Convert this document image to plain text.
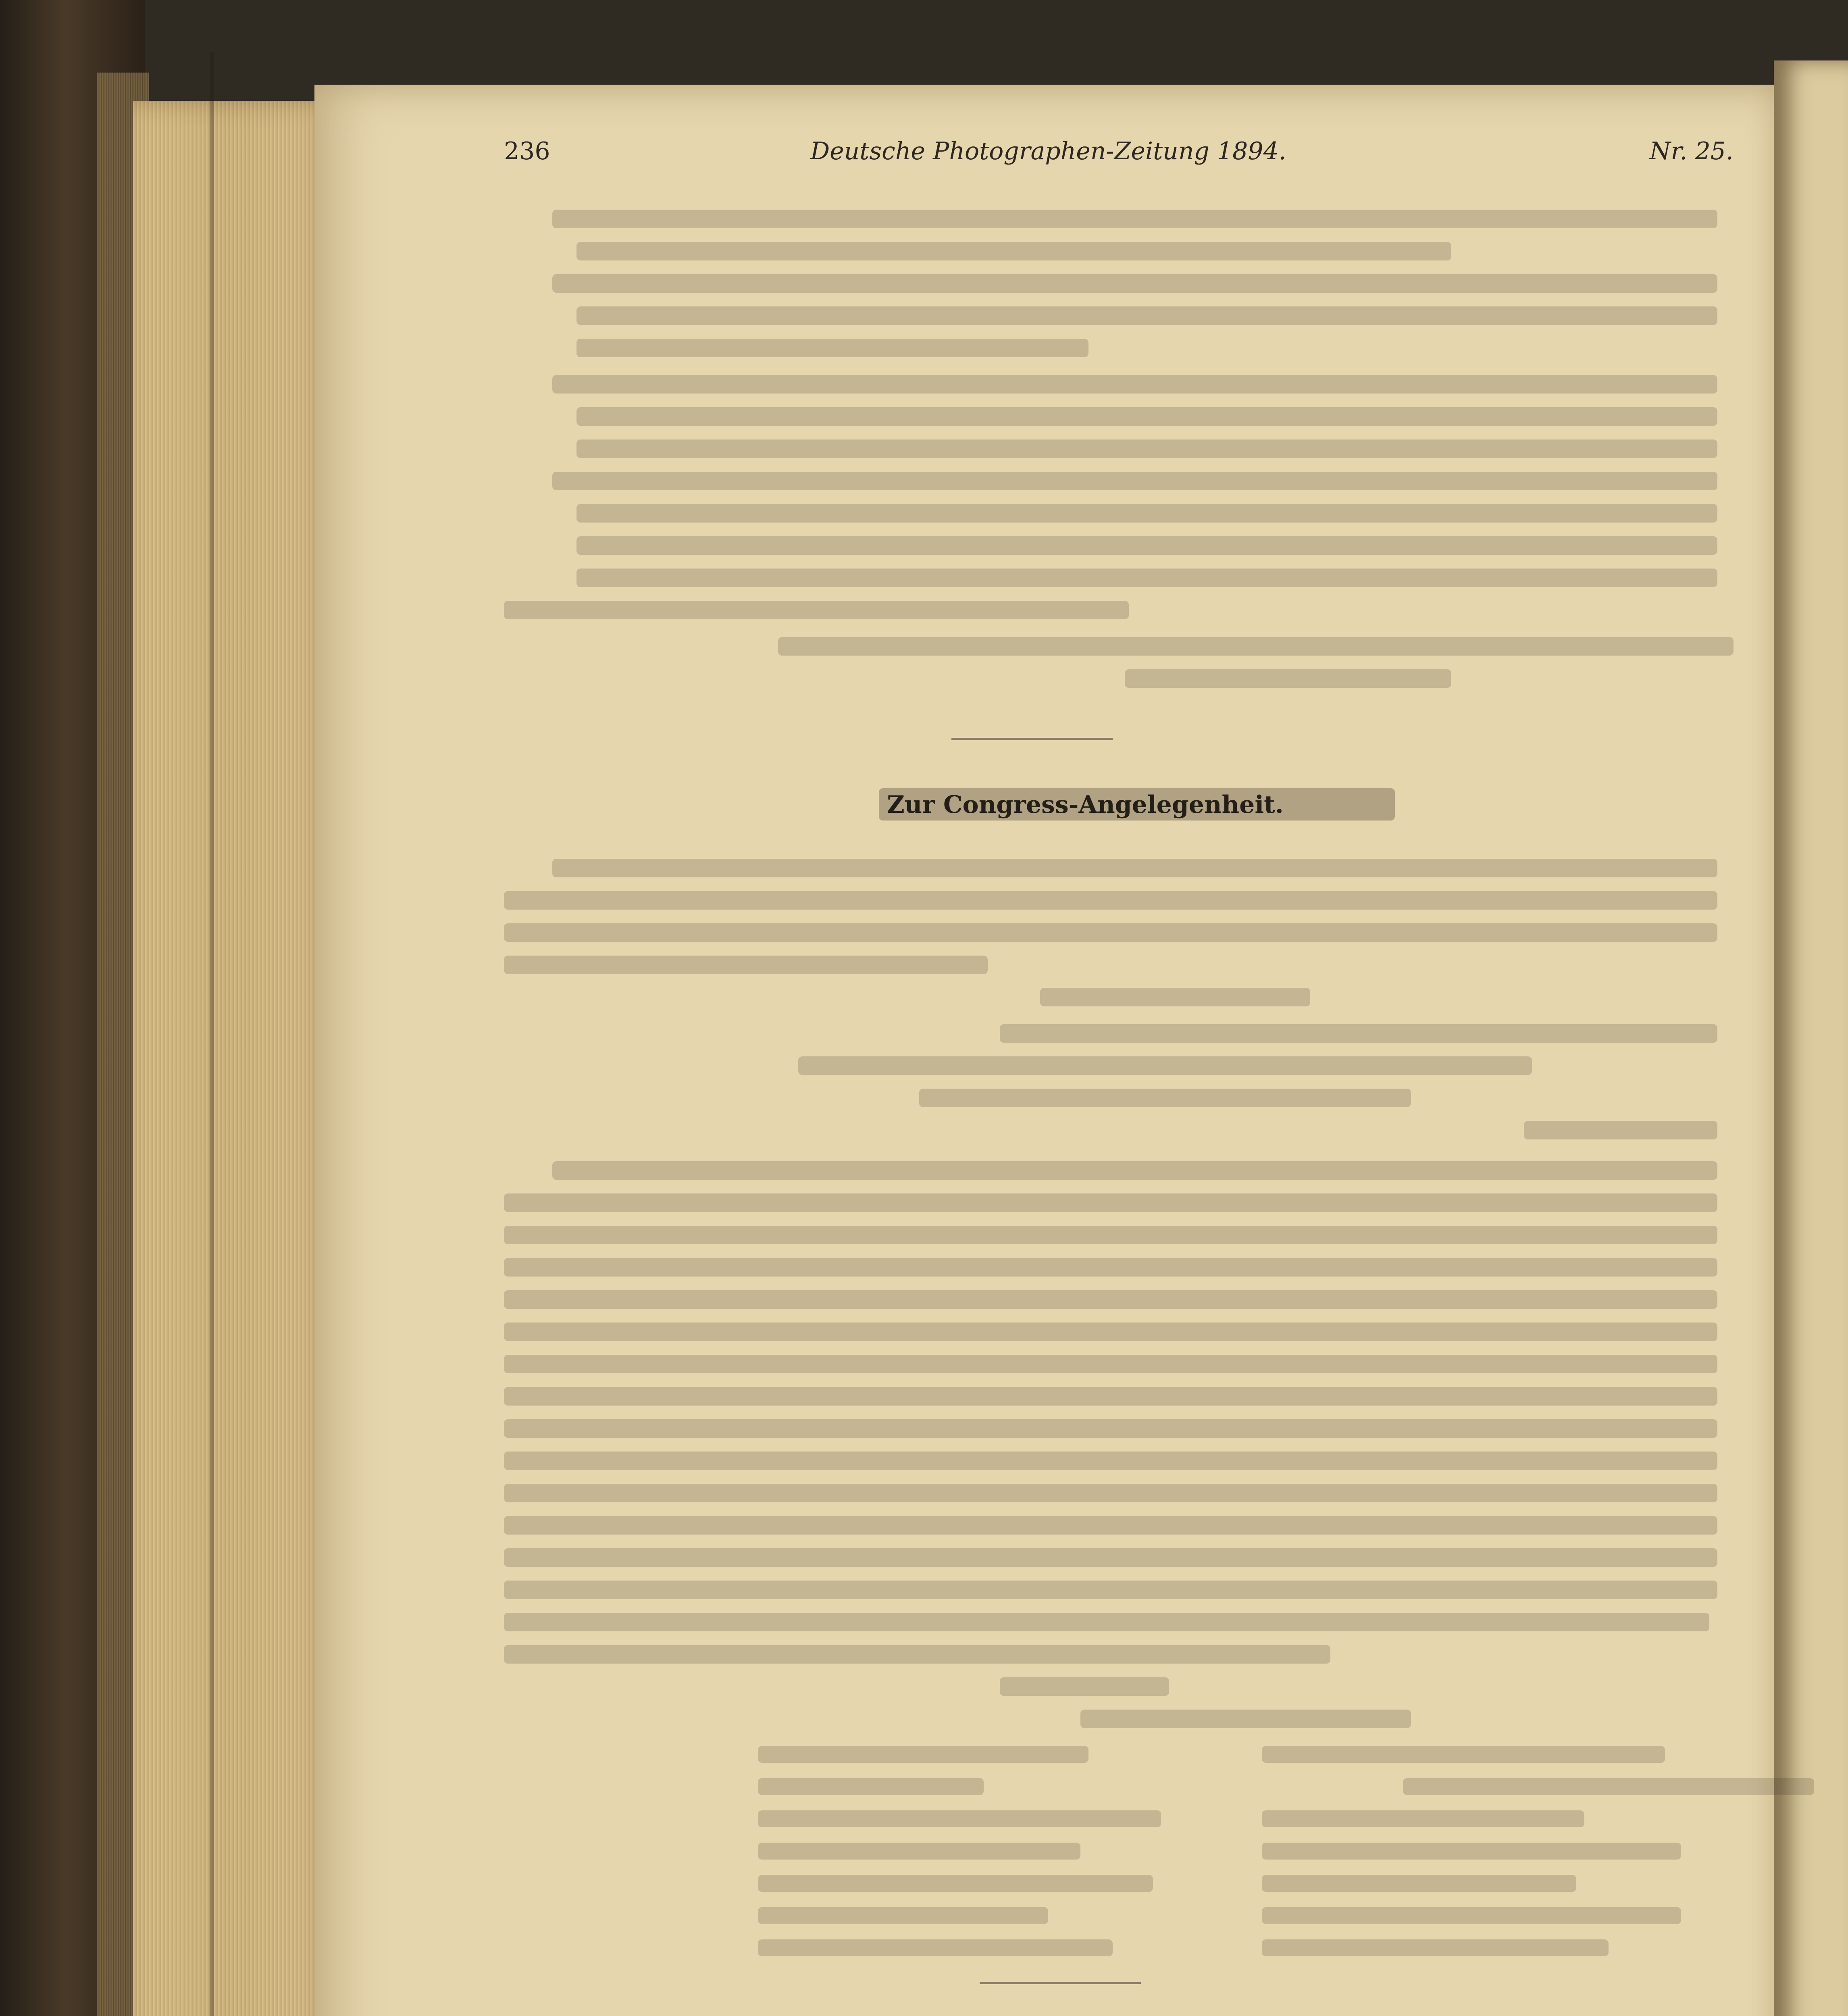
236	Deutsche Photographen-Zeitung 1894.	Nr. 25.
Zur Congress-Angelegenheit.
